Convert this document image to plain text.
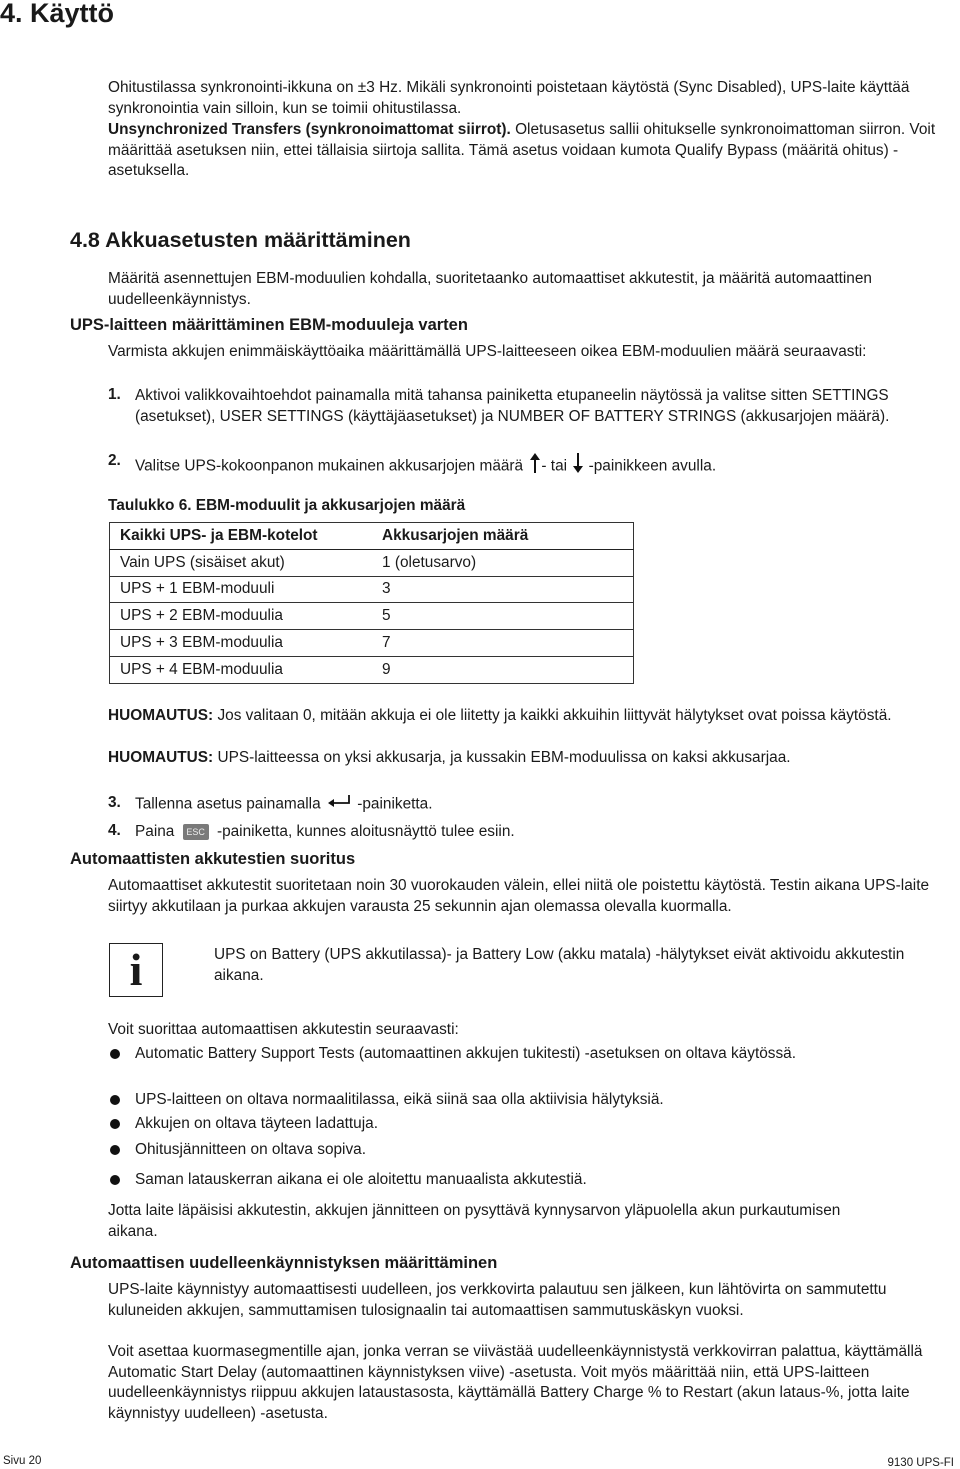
4. Käyttö

Ohitustilassa synkronointi-ikkuna on ±3 Hz. Mikäli synkronointi poistetaan käytöstä (Sync Disabled), UPS-laite käyttää synkronointia vain silloin, kun se toimii ohitustilassa.

Unsynchronized Transfers (synkronoimattomat siirrot). Oletusasetus sallii ohitukselle synkronoimattoman siirron. Voit määrittää asetuksen niin, ettei tällaisia siirtoja sallita. Tämä asetus voidaan kumota Qualify Bypass (määritä ohitus) -asetuksella.

4.8 Akkuasetusten määrittäminen

Määritä asennettujen EBM-moduulien kohdalla, suoritetaanko automaattiset akkutestit, ja määritä automaattinen uudelleenkäynnistys.

UPS-laitteen määrittäminen EBM-moduuleja varten

Varmista akkujen enimmäiskäyttöaika määrittämällä UPS-laitteeseen oikea EBM-moduulien määrä seuraavasti:

1. Aktivoi valikkovaihtoehdot painamalla mitä tahansa painiketta etupaneelin näytössä ja valitse sitten SETTINGS (asetukset), USER SETTINGS (käyttäjäasetukset) ja NUMBER OF BATTERY STRINGS (akkusarjojen määrä).

2. Valitse UPS-kokoonpanon mukainen akkusarjojen määrä - tai -painikkeen avulla.

Taulukko 6. EBM-moduulit ja akkusarjojen määrä
Kaikki UPS- ja EBM-kotelot	Akkusarjojen määrä
Vain UPS (sisäiset akut)	1 (oletusarvo)
UPS + 1 EBM-moduuli	3
UPS + 2 EBM-moduulia	5
UPS + 3 EBM-moduulia	7
UPS + 4 EBM-moduulia	9

HUOMAUTUS: Jos valitaan 0, mitään akkuja ei ole liitetty ja kaikki akkuihin liittyvät hälytykset ovat poissa käytöstä.

HUOMAUTUS: UPS-laitteessa on yksi akkusarja, ja kussakin EBM-moduulissa on kaksi akkusarjaa.

3. Tallenna asetus painamalla -painiketta.

4. Paina ESC -painiketta, kunnes aloitusnäyttö tulee esiin.

Automaattisten akkutestien suoritus

Automaattiset akkutestit suoritetaan noin 30 vuorokauden välein, ellei niitä ole poistettu käytöstä. Testin aikana UPS-laite siirtyy akkutilaan ja purkaa akkujen varausta 25 sekunnin ajan olemassa olevalla kuormalla.

i	UPS on Battery (UPS akkutilassa)- ja Battery Low (akku matala) -hälytykset eivät aktivoidu akkutestin aikana.

Voit suorittaa automaattisen akkutestin seuraavasti:

Automatic Battery Support Tests (automaattinen akkujen tukitesti) -asetuksen on oltava käytössä.

UPS-laitteen on oltava normaalitilassa, eikä siinä saa olla aktiivisia hälytyksiä.

Akkujen on oltava täyteen ladattuja.

Ohitusjännitteen on oltava sopiva.

Saman latauskerran aikana ei ole aloitettu manuaalista akkutestiä.

Jotta laite läpäisisi akkutestin, akkujen jännitteen on pysyttävä kynnysarvon yläpuolella akun purkautumisen aikana.

Automaattisen uudelleenkäynnistyksen määrittäminen

UPS-laite käynnistyy automaattisesti uudelleen, jos verkkovirta palautuu sen jälkeen, kun lähtövirta on sammutettu kuluneiden akkujen, sammuttamisen tulosignaalin tai automaattisen sammutuskäskyn vuoksi.

Voit asettaa kuormasegmentille ajan, jonka verran se viivästää uudelleenkäynnistystä verkkovirran palattua, käyttämällä Automatic Start Delay (automaattinen käynnistyksen viive) -asetusta. Voit myös määrittää niin, että UPS-laitteen uudelleenkäynnistys riippuu akkujen lataustasosta, käyttämällä Battery Charge % to Restart (akun lataus-%, jotta laite käynnistyy uudelleen) -asetusta.

Sivu 20	9130 UPS-FI
